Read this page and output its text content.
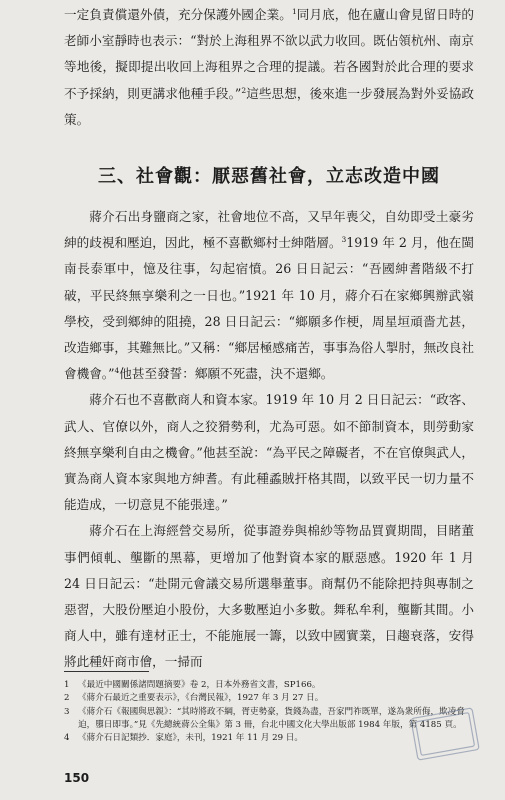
一定負責償還外債，充分保護外國企業。$^1$同月底，他在廬山會見留日時的老師小室靜時也表示：“對於上海租界不欲以武力收回。既佔領杭州、南京等地後，擬即提出收回上海租界之合理的提議。若各國對於此合理的要求不予採納，則更講求他種手段。”$^2$這些思想，後來進一步發展為對外妥協政策。

三、社會觀：厭惡舊社會，立志改造中國

蔣介石出身鹽商之家，社會地位不高，又早年喪父，自幼即受土豪劣紳的歧視和壓迫，因此，極不喜歡鄉村士紳階層。$^3$1919 年 2 月，他在閩南長泰軍中，憶及往事，勾起宿憤。26 日日記云：“吾國紳耆階級不打破，平民終無享樂利之一日也。”1921 年 10 月，蔣介石在家鄉興辦武嶺學校，受到鄉紳的阻撓，28 日日記云：“鄉願多作梗，周星垣頑嗇尤甚，改造鄉事，其難無比。”又稱：“鄉居極感痛苦，事事為俗人掣肘，無改良社會機會。”$^4$他甚至發誓：鄉願不死盡，決不還鄉。

蔣介石也不喜歡商人和資本家。1919 年 10 月 2 日日記云：“政客、武人、官僚以外，商人之狡猾勢利，尤為可惡。如不節制資本，則勞動家終無享樂利自由之機會。”他甚至說：“為平民之障礙者，不在官僚與武人，實為商人資本家與地方紳耆。有此種蟊賊扞格其間，以致平民一切力量不能造成，一切意見不能張達。”

蔣介石在上海經營交易所，從事證券與棉紗等物品買賣期間，目睹董事們傾軋、壟斷的黑幕，更增加了他對資本家的厭惡感。1920 年 1 月 24 日日記云：“赴開元會議交易所選舉董事。商幫仍不能除把持與專制之惡習，大股份壓迫小股份，大多數壓迫小多數。舞私牟利，壟斷其間。小商人中，雖有達材正士，不能施展一籌，以致中國實業，日趨衰落，安得將此種奸商市儈，一掃而

1 《最近中國關係諸問題摘要》卷 2，日本外務省文書，SP166。
2 《蔣介石最近之重要表示》，《台灣民報》，1927 年 3 月 27 日。
3 《蔣介石《報國與思親》：“其時將政不綱，胥吏勢豪，貨錢為盡，吾家門祚既單，遂為衆所侮，欺凌脅
迫，隳日即事。”見《先總統蔣公全集》第 3 冊，台北中國文化大學出版部 1984 年版，第 4185 頁。
4 《蔣介石日記類抄．家庭》，未刊，1921 年 11 月 29 日。
150
